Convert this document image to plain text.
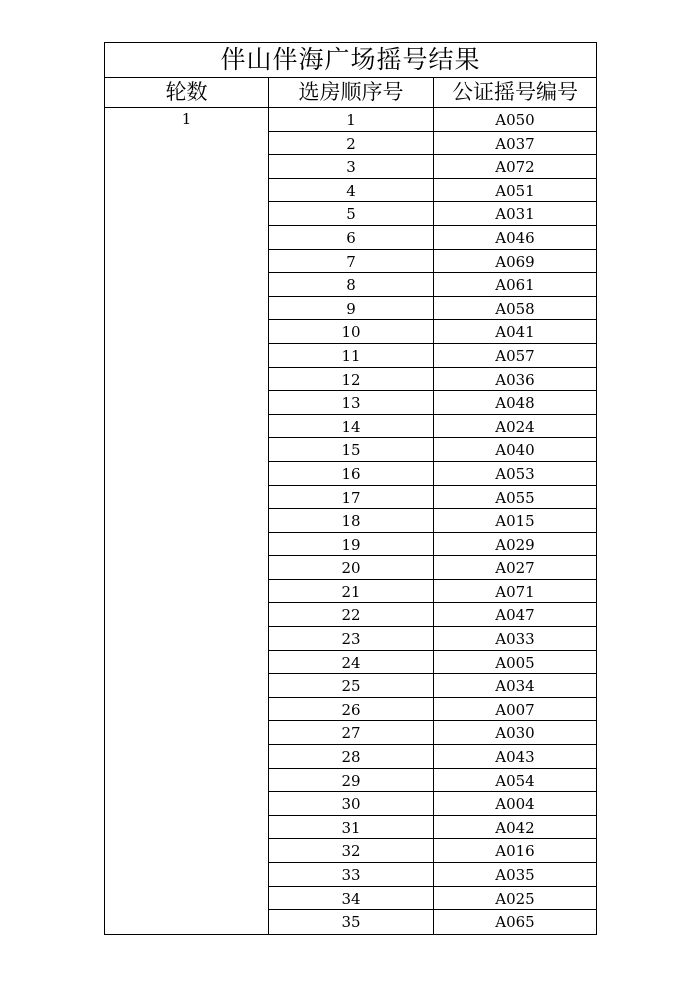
伴山伴海广场摇号结果
轮数	选房顺序号	公证摇号编号
1	1	A050
2	A037
3	A072
4	A051
5	A031
6	A046
7	A069
8	A061
9	A058
10	A041
11	A057
12	A036
13	A048
14	A024
15	A040
16	A053
17	A055
18	A015
19	A029
20	A027
21	A071
22	A047
23	A033
24	A005
25	A034
26	A007
27	A030
28	A043
29	A054
30	A004
31	A042
32	A016
33	A035
34	A025
35	A065
